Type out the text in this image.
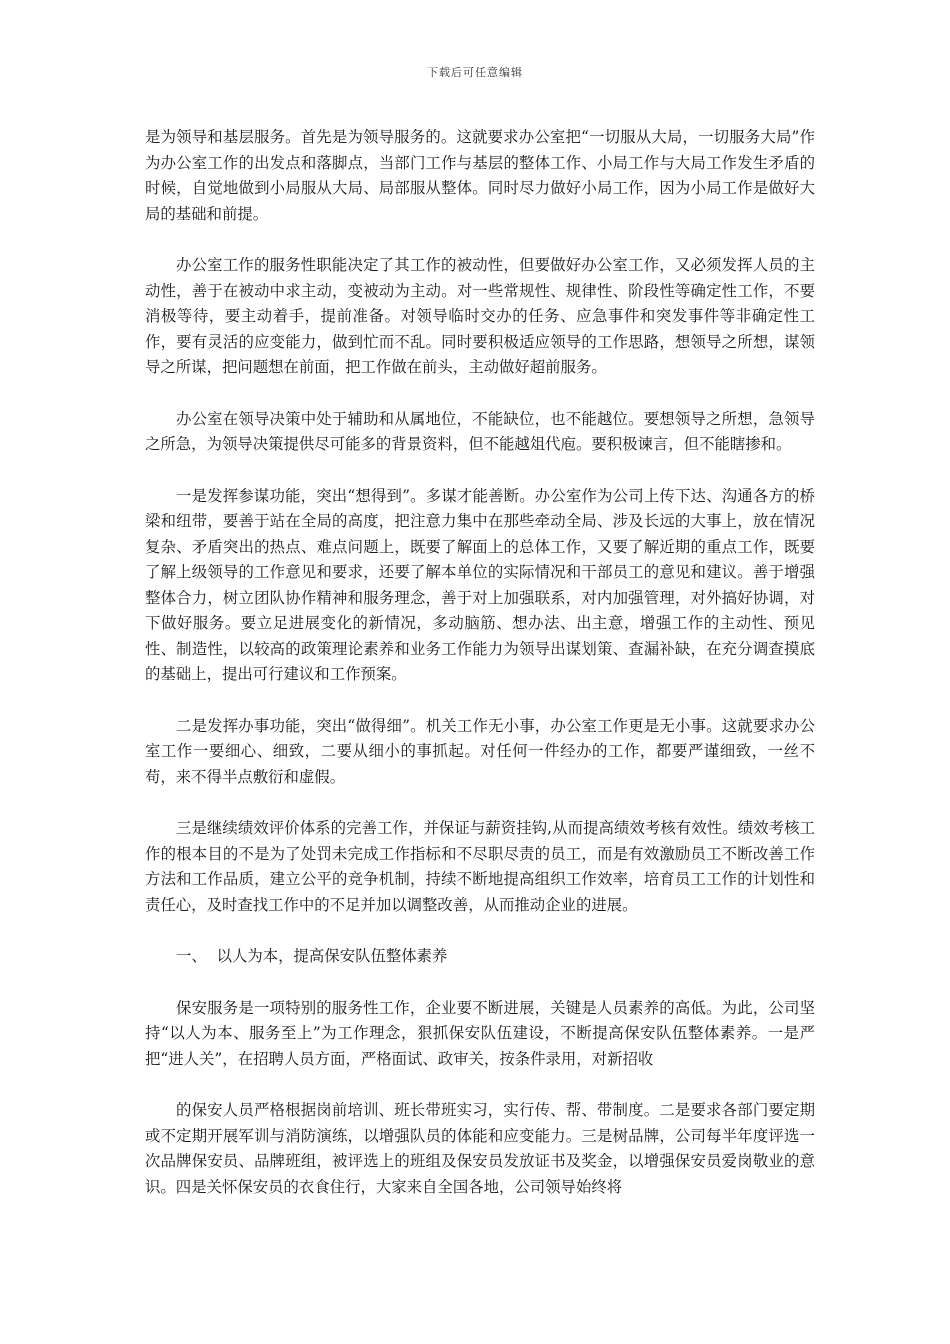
下载后可任意编辑

是为领导和基层服务。首先是为领导服务的。这就要求办公室把“一切服从大局，一切服务大局”作为办公室工作的出发点和落脚点，当部门工作与基层的整体工作、小局工作与大局工作发生矛盾的时候，自觉地做到小局服从大局、局部服从整体。同时尽力做好小局工作，因为小局工作是做好大局的基础和前提。

办公室工作的服务性职能决定了其工作的被动性，但要做好办公室工作，又必须发挥人员的主动性，善于在被动中求主动，变被动为主动。对一些常规性、规律性、阶段性等确定性工作，不要消极等待，要主动着手，提前准备。对领导临时交办的任务、应急事件和突发事件等非确定性工作，要有灵活的应变能力，做到忙而不乱。同时要积极适应领导的工作思路，想领导之所想，谋领导之所谋，把问题想在前面，把工作做在前头，主动做好超前服务。

办公室在领导决策中处于辅助和从属地位，不能缺位，也不能越位。要想领导之所想，急领导之所急，为领导决策提供尽可能多的背景资料，但不能越俎代庖。要积极谏言，但不能瞎掺和。

一是发挥参谋功能，突出“想得到”。多谋才能善断。办公室作为公司上传下达、沟通各方的桥梁和纽带，要善于站在全局的高度，把注意力集中在那些牵动全局、涉及长远的大事上，放在情况复杂、矛盾突出的热点、难点问题上，既要了解面上的总体工作，又要了解近期的重点工作，既要了解上级领导的工作意见和要求，还要了解本单位的实际情况和干部员工的意见和建议。善于增强整体合力，树立团队协作精神和服务理念，善于对上加强联系，对内加强管理，对外搞好协调，对下做好服务。要立足进展变化的新情况，多动脑筋、想办法、出主意，增强工作的主动性、预见性、制造性，以较高的政策理论素养和业务工作能力为领导出谋划策、查漏补缺，在充分调查摸底的基础上，提出可行建议和工作预案。

二是发挥办事功能，突出“做得细”。机关工作无小事，办公室工作更是无小事。这就要求办公室工作一要细心、细致，二要从细小的事抓起。对任何一件经办的工作，都要严谨细致，一丝不苟，来不得半点敷衍和虚假。

三是继续绩效评价体系的完善工作，并保证与薪资挂钩,从而提高绩效考核有效性。绩效考核工作的根本目的不是为了处罚未完成工作指标和不尽职尽责的员工，而是有效激励员工不断改善工作方法和工作品质，建立公平的竞争机制，持续不断地提高组织工作效率，培育员工工作的计划性和责任心，及时查找工作中的不足并加以调整改善，从而推动企业的进展。

一、  以人为本，提高保安队伍整体素养

保安服务是一项特别的服务性工作，企业要不断进展，关键是人员素养的高低。为此，公司坚持“以人为本、服务至上”为工作理念，狠抓保安队伍建设，不断提高保安队伍整体素养。一是严把“进人关”，在招聘人员方面，严格面试、政审关，按条件录用，对新招收

的保安人员严格根据岗前培训、班长带班实习，实行传、帮、带制度。二是要求各部门要定期或不定期开展军训与消防演练，以增强队员的体能和应变能力。三是树品牌，公司每半年度评选一次品牌保安员、品牌班组，被评选上的班组及保安员发放证书及奖金，以增强保安员爱岗敬业的意识。四是关怀保安员的衣食住行，大家来自全国各地，公司领导始终将
